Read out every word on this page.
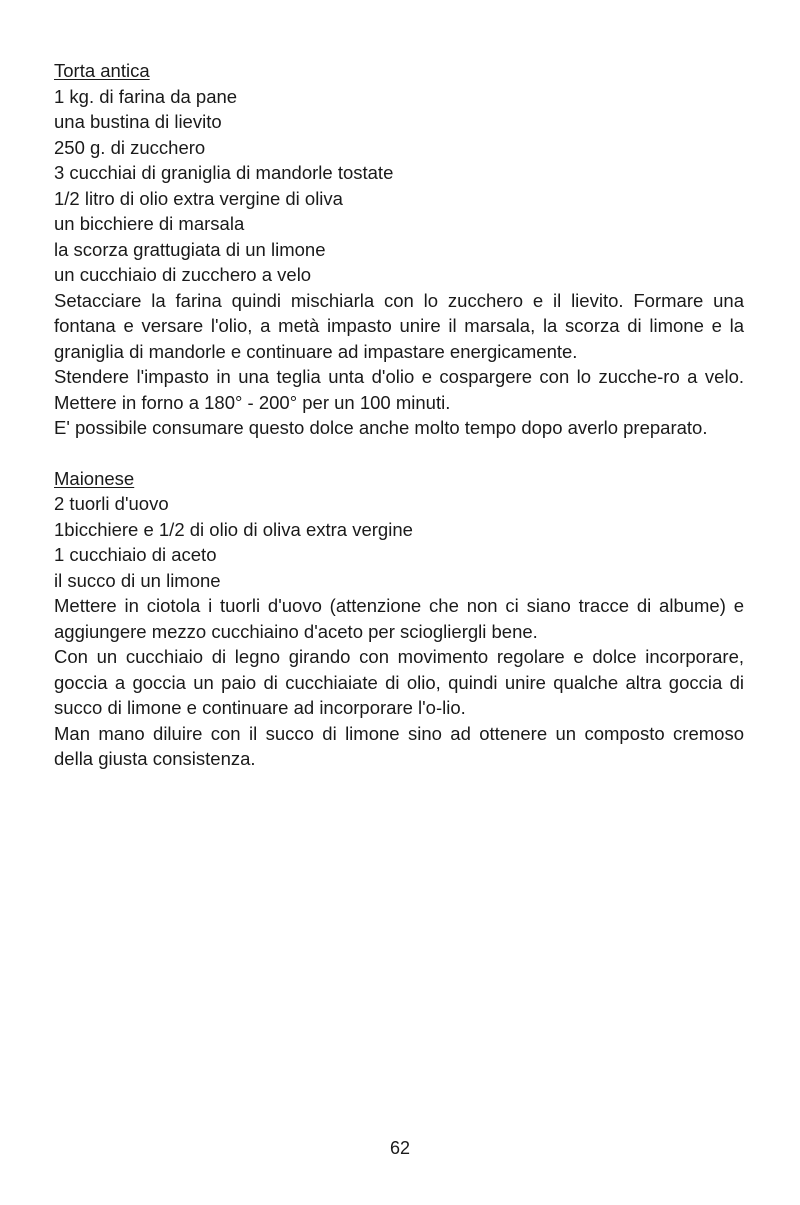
Torta antica
1 kg. di farina da pane
una bustina di lievito
250 g. di zucchero
3 cucchiai di graniglia di mandorle tostate
1/2 litro di olio extra vergine di oliva
un bicchiere di marsala
la scorza grattugiata di un limone
un cucchiaio di zucchero a velo
Setacciare la farina quindi mischiarla con lo zucchero e il lievito. Formare una fontana e versare l'olio, a metà impasto unire il marsala, la scorza di limone e la graniglia di mandorle e continuare ad impastare energicamente.
Stendere l'impasto in una teglia unta d'olio e cospargere con lo zucche-ro a velo. Mettere in forno a 180° - 200° per un 100 minuti.
E' possibile consumare questo dolce anche molto tempo dopo averlo preparato.
Maionese
2 tuorli d'uovo
1bicchiere e 1/2 di olio di oliva extra vergine
1 cucchiaio di aceto
il succo di un limone
Mettere in ciotola i tuorli d'uovo (attenzione che non ci siano tracce di albume) e aggiungere mezzo cucchiaino d'aceto per sciogliergli bene.
Con un cucchiaio di legno girando con movimento regolare e dolce incorporare, goccia a goccia un paio di cucchiaiate di olio, quindi unire qualche altra goccia di succo di limone e continuare ad incorporare l'o-lio.
Man mano diluire con il succo di limone sino ad ottenere un composto cremoso della giusta consistenza.
62
